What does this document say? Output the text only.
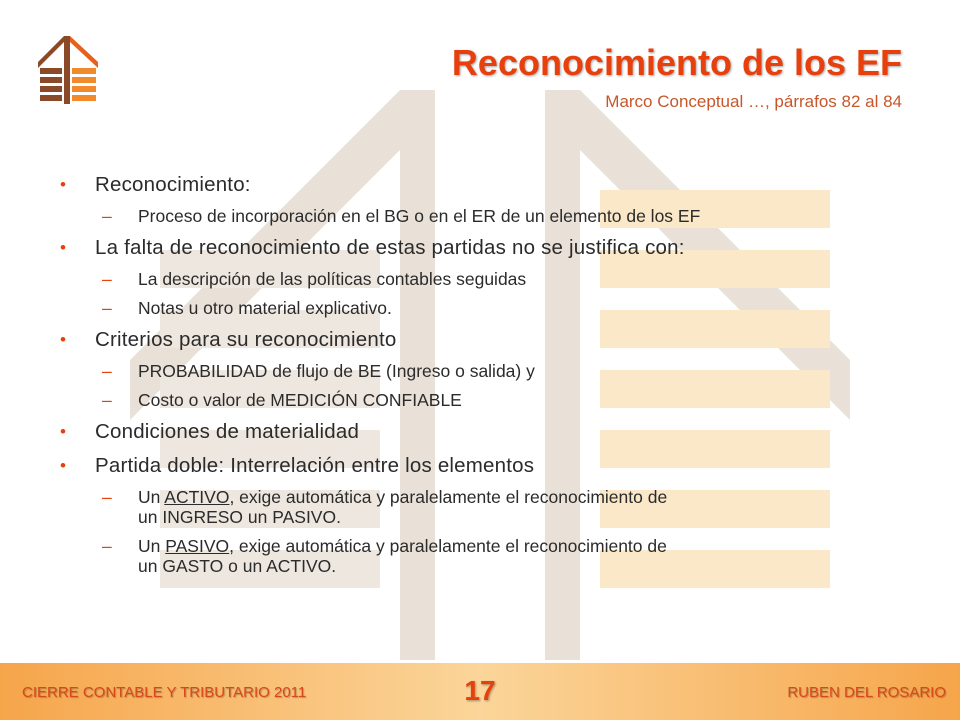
Reconocimiento de los EF
Marco Conceptual …, párrafos 82 al 84
• Reconocimiento:
– Proceso de incorporación en el BG o en el ER de un elemento de los EF
• La falta de reconocimiento de estas partidas no se justifica con:
– La descripción de las políticas contables seguidas
– Notas u otro material explicativo.
• Criterios para su reconocimiento
– PROBABILIDAD de flujo de BE (Ingreso o salida) y
– Costo o valor de MEDICIÓN CONFIABLE
• Condiciones de materialidad
• Partida doble: Interrelación entre los elementos
– Un ACTIVO, exige automática y paralelamente el reconocimiento de
un INGRESO un PASIVO.
– Un PASIVO, exige automática y paralelamente el reconocimiento de
un GASTO o un ACTIVO.
CIERRE CONTABLE Y TRIBUTARIO 2011	17	RUBEN DEL ROSARIO
